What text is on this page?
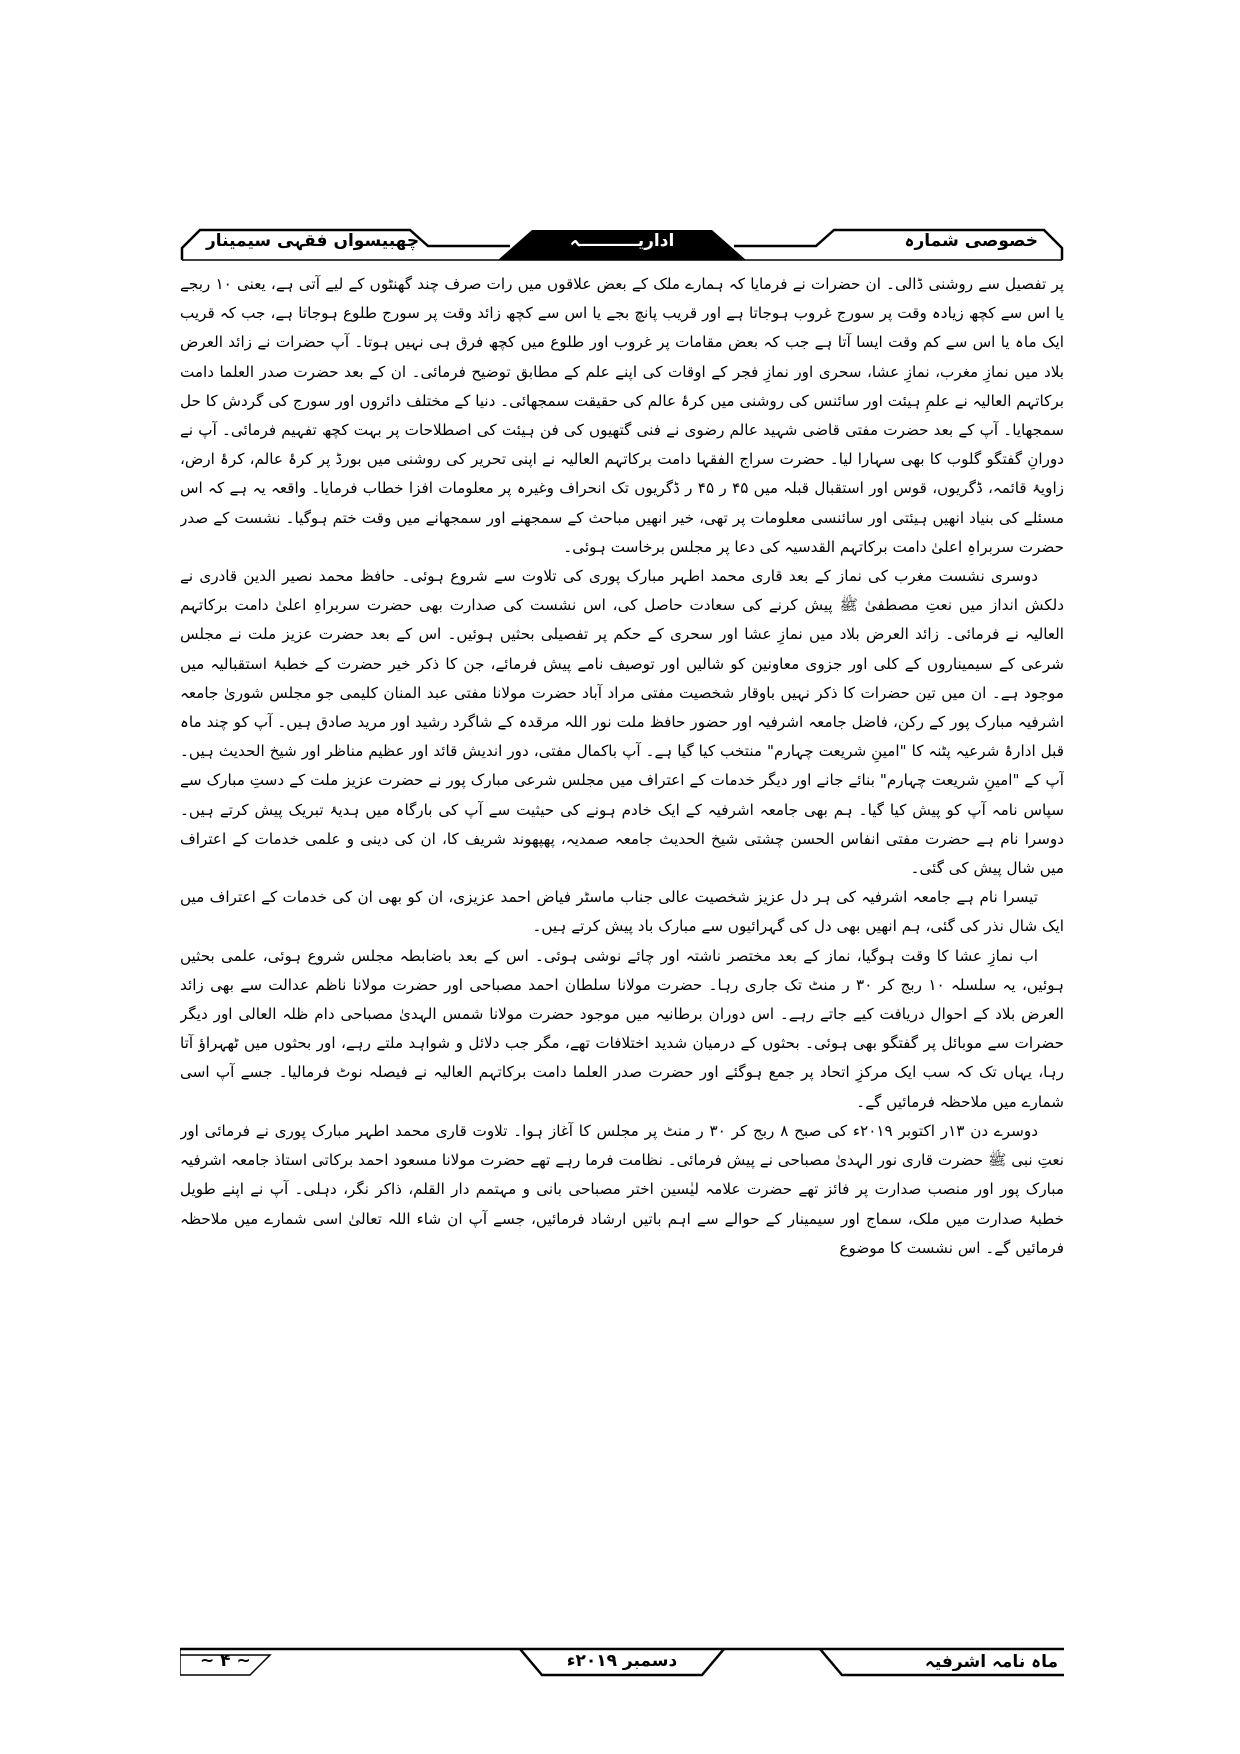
چھبیسواں فقہی سیمینار	اداریــــــــــہ	خصوصی شمارہ

پر تفصیل سے روشنی ڈالی۔ ان حضرات نے فرمایا کہ ہمارے ملک کے بعض علاقوں میں رات صرف چند گھنٹوں کے لیے آتی ہے، یعنی ۱۰ ربجے یا اس سے کچھ زیادہ وقت پر سورج غروب ہوجاتا ہے اور قریب پانچ بجے یا اس سے کچھ زائد وقت پر سورج طلوع ہوجاتا ہے، جب کہ قریب ایک ماہ یا اس سے کم وقت ایسا آتا ہے جب کہ بعض مقامات پر غروب اور طلوع میں کچھ فرق ہی نہیں ہوتا۔ آپ حضرات نے زائد العرض بلاد میں نمازِ مغرب، نمازِ عشا، سحری اور نمازِ فجر کے اوقات کی اپنے علم کے مطابق توضیح فرمائی۔ ان کے بعد حضرت صدر العلما دامت برکاتہم العالیہ نے علمِ ہیئت اور سائنس کی روشنی میں کرۂ عالم کی حقیقت سمجھائی۔ دنیا کے مختلف دائروں اور سورج کی گردش کا حل سمجھایا۔ آپ کے بعد حضرت مفتی قاضی شہید عالم رضوی نے فنی گتھیوں کی فن ہیئت کی اصطلاحات پر بہت کچھ تفہیم فرمائی۔ آپ نے دورانِ گفتگو گلوب کا بھی سہارا لیا۔ حضرت سراج الفقہا دامت برکاتہم العالیہ نے اپنی تحریر کی روشنی میں بورڈ پر کرۂ عالم، کرۂ ارض، زاویۂ قائمہ، ڈگریوں، قوس اور استقبال قبلہ میں ۴۵ ر ۴۵ ر ڈگریوں تک انحراف وغیرہ پر معلومات افزا خطاب فرمایا۔ واقعہ یہ ہے کہ اس مسئلے کی بنیاد انھیں ہیئتی اور سائنسی معلومات پر تھی، خیر انھیں مباحث کے سمجھنے اور سمجھانے میں وقت ختم ہوگیا۔ نشست کے صدر حضرت سربراہِ اعلیٰ دامت برکاتہم القدسیہ کی دعا پر مجلس برخاست ہوئی۔

دوسری نشست مغرب کی نماز کے بعد قاری محمد اطہر مبارک پوری کی تلاوت سے شروع ہوئی۔ حافظ محمد نصیر الدین قادری نے دلکش انداز میں نعتِ مصطفیٰ ﷺ پیش کرنے کی سعادت حاصل کی، اس نشست کی صدارت بھی حضرت سربراہِ اعلیٰ دامت برکاتہم العالیہ نے فرمائی۔ زائد العرض بلاد میں نمازِ عشا اور سحری کے حکم پر تفصیلی بحثیں ہوئیں۔ اس کے بعد حضرت عزیز ملت نے مجلس شرعی کے سیمیناروں کے کلی اور جزوی معاونین کو شالیں اور توصیف نامے پیش فرمائے، جن کا ذکر خیر حضرت کے خطبۂ استقبالیہ میں موجود ہے۔ ان میں تین حضرات کا ذکر نہیں باوقار شخصیت مفتی مراد آباد حضرت مولانا مفتی عبد المنان کلیمی جو مجلس شوریٰ جامعہ اشرفیہ مبارک پور کے رکن، فاضل جامعہ اشرفیہ اور حضور حافظ ملت نور اللہ مرقدہ کے شاگرد رشید اور مرید صادق ہیں۔ آپ کو چند ماہ قبل ادارۂ شرعیہ پٹنہ کا "امینِ شریعت چہارم" منتخب کیا گیا ہے۔ آپ باکمال مفتی، دور اندیش قائد اور عظیم مناظر اور شیخ الحدیث ہیں۔ آپ کے "امینِ شریعت چہارم" بنائے جانے اور دیگر خدمات کے اعتراف میں مجلس شرعی مبارک پور نے حضرت عزیز ملت کے دستِ مبارک سے سپاس نامہ آپ کو پیش کیا گیا۔ ہم بھی جامعہ اشرفیہ کے ایک خادم ہونے کی حیثیت سے آپ کی بارگاہ میں ہدیۂ تبریک پیش کرتے ہیں۔ دوسرا نام ہے حضرت مفتی انفاس الحسن چشتی شیخ الحدیث جامعہ صمدیہ، پھپھوند شریف کا، ان کی دینی و علمی خدمات کے اعتراف میں شال پیش کی گئی۔

تیسرا نام ہے جامعہ اشرفیہ کی ہر دل عزیز شخصیت عالی جناب ماسٹر فیاض احمد عزیزی، ان کو بھی ان کی خدمات کے اعتراف میں ایک شال نذر کی گئی، ہم انھیں بھی دل کی گہرائیوں سے مبارک باد پیش کرتے ہیں۔

اب نمازِ عشا کا وقت ہوگیا، نماز کے بعد مختصر ناشتہ اور چائے نوشی ہوئی۔ اس کے بعد باضابطہ مجلس شروع ہوئی، علمی بحثیں ہوئیں، یہ سلسلہ ۱۰ ربج کر ۳۰ ر منٹ تک جاری رہا۔ حضرت مولانا سلطان احمد مصباحی اور حضرت مولانا ناظم عدالت سے بھی زائد العرض بلاد کے احوال دریافت کیے جاتے رہے۔ اس دوران برطانیہ میں موجود حضرت مولانا شمس الہدیٰ مصباحی دام ظلہ العالی اور دیگر حضرات سے موبائل پر گفتگو بھی ہوئی۔ بحثوں کے درمیان شدید اختلافات تھے، مگر جب دلائل و شواہد ملتے رہے، اور بحثوں میں ٹھہراؤ آتا رہا، یہاں تک کہ سب ایک مرکزِ اتحاد پر جمع ہوگئے اور حضرت صدر العلما دامت برکاتہم العالیہ نے فیصلہ نوٹ فرمالیا۔ جسے آپ اسی شمارے میں ملاحظہ فرمائیں گے۔

دوسرے دن ۱۳ر اکتوبر ۲۰۱۹ء کی صبح ۸ ربج کر ۳۰ ر منٹ پر مجلس کا آغاز ہوا۔ تلاوت قاری محمد اطہر مبارک پوری نے فرمائی اور نعتِ نبی ﷺ حضرت قاری نور الہدیٰ مصباحی نے پیش فرمائی۔ نظامت فرما رہے تھے حضرت مولانا مسعود احمد برکاتی استاذ جامعہ اشرفیہ مبارک پور اور منصب صدارت پر فائز تھے حضرت علامہ لیٰسین اختر مصباحی بانی و مہتمم دار القلم، ذاکر نگر، دہلی۔ آپ نے اپنے طویل خطبۂ صدارت میں ملک، سماج اور سیمینار کے حوالے سے اہم باتیں ارشاد فرمائیں، جسے آپ ان شاء اللہ تعالیٰ اسی شمارے میں ملاحظہ فرمائیں گے۔ اس نشست کا موضوع

~ ۴ ~	دسمبر ۲۰۱۹ء	ماہ نامہ اشرفیہ
